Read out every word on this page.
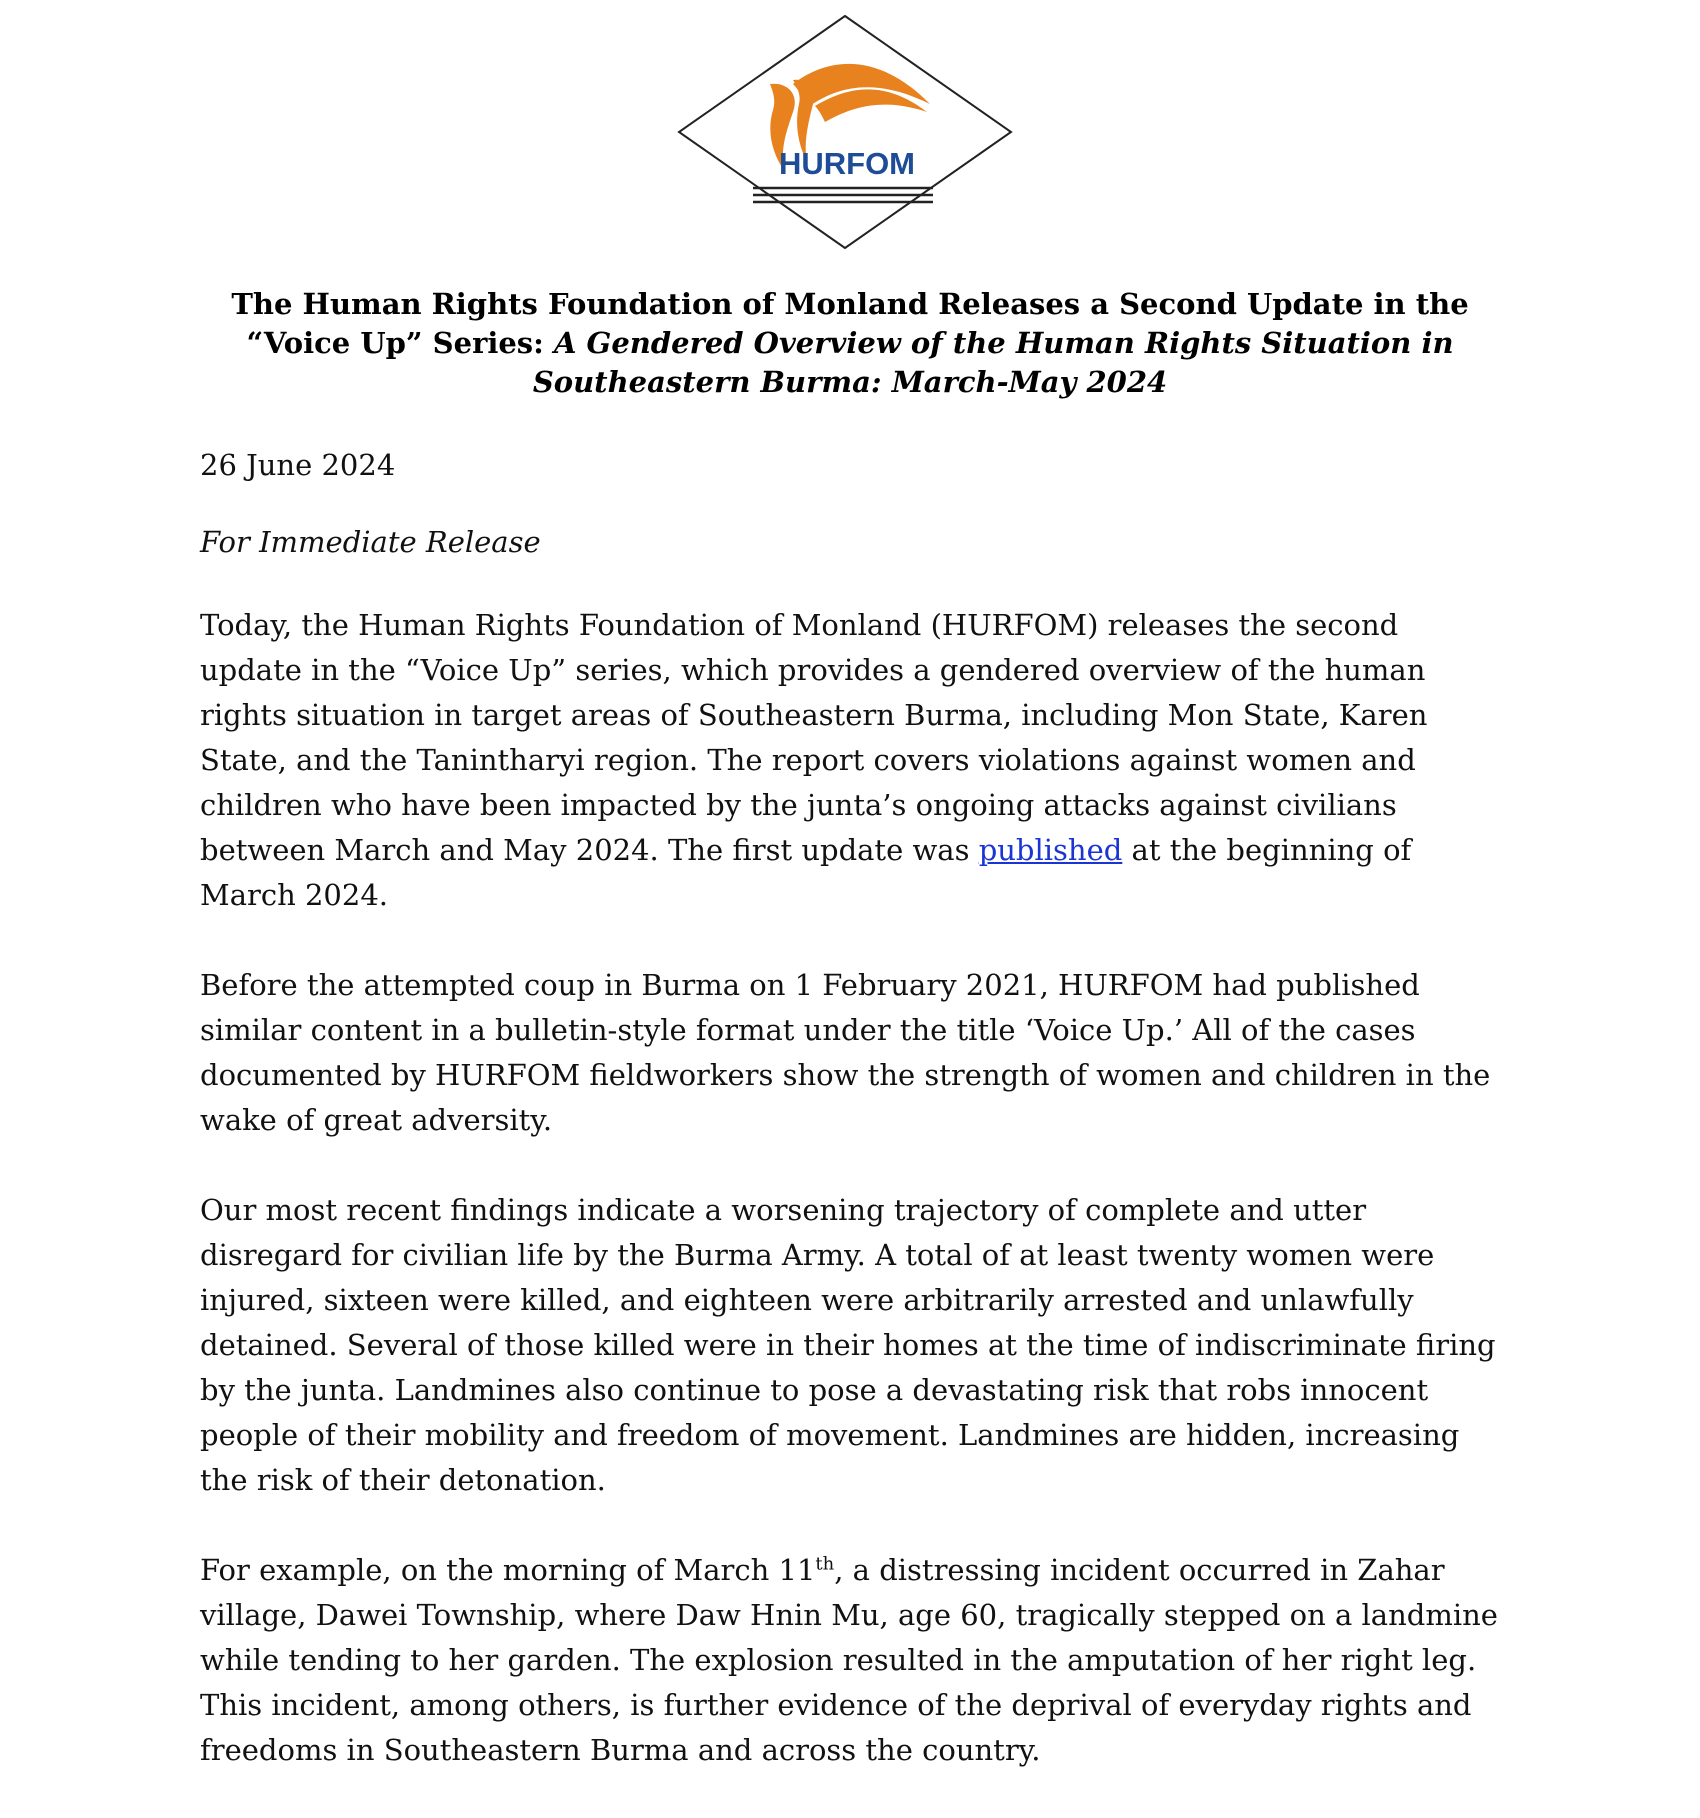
HURFOM
The Human Rights Foundation of Monland Releases a Second Update in the
“Voice Up” Series: A Gendered Overview of the Human Rights Situation in
Southeastern Burma: March-May 2024

26 June 2024

For Immediate Release

Today, the Human Rights Foundation of Monland (HURFOM) releases the second update in the “Voice Up” series, which provides a gendered overview of the human rights situation in target areas of Southeastern Burma, including Mon State, Karen State, and the Tanintharyi region. The report covers violations against women and children who have been impacted by the junta’s ongoing attacks against civilians between March and May 2024. The first update was published at the beginning of March 2024.

Before the attempted coup in Burma on 1 February 2021, HURFOM had published similar content in a bulletin-style format under the title ‘Voice Up.’ All of the cases documented by HURFOM fieldworkers show the strength of women and children in the wake of great adversity.

Our most recent findings indicate a worsening trajectory of complete and utter disregard for civilian life by the Burma Army. A total of at least twenty women were injured, sixteen were killed, and eighteen were arbitrarily arrested and unlawfully detained. Several of those killed were in their homes at the time of indiscriminate firing by the junta. Landmines also continue to pose a devastating risk that robs innocent people of their mobility and freedom of movement. Landmines are hidden, increasing the risk of their detonation.

For example, on the morning of March 11th, a distressing incident occurred in Zahar village, Dawei Township, where Daw Hnin Mu, age 60, tragically stepped on a landmine while tending to her garden. The explosion resulted in the amputation of her right leg. This incident, among others, is further evidence of the deprival of everyday rights and freedoms in Southeastern Burma and across the country.
